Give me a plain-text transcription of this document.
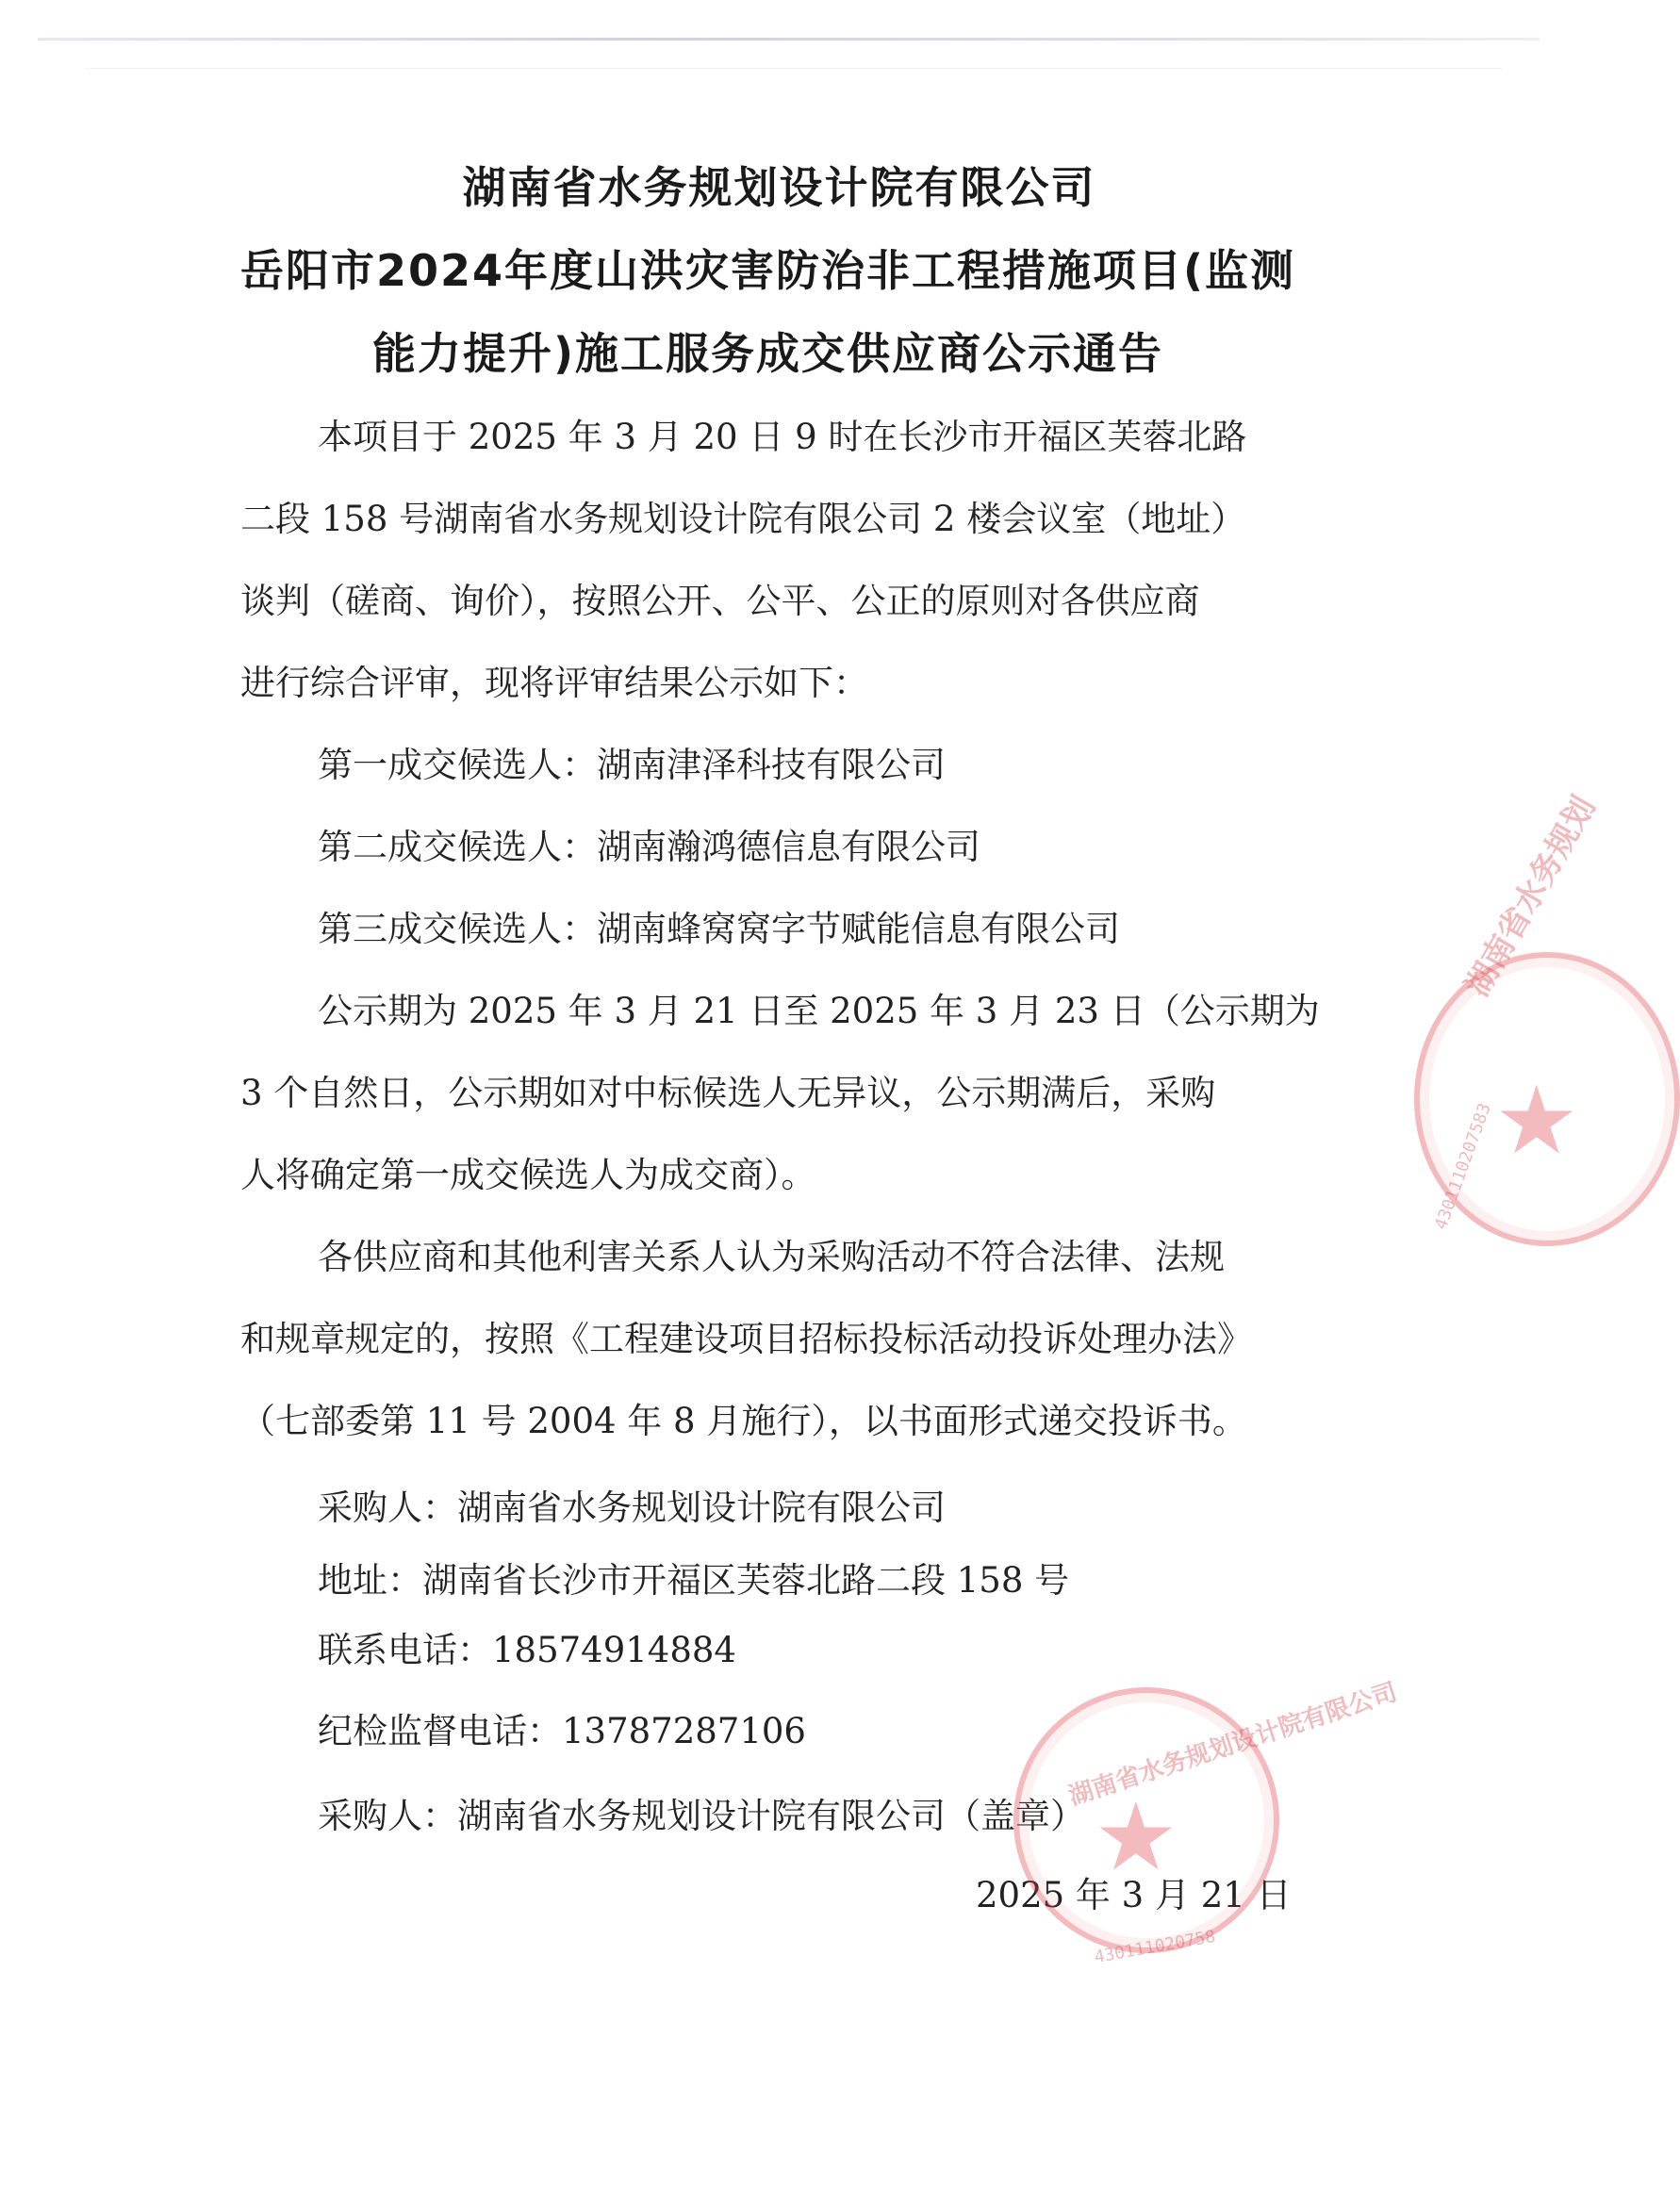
湖南省水务规划设计院有限公司
岳阳市2024年度山洪灾害防治非工程措施项目(监测
能力提升)施工服务成交供应商公示通告
本项目于 2025 年 3 月 20 日 9 时在长沙市开福区芙蓉北路
二段 158 号湖南省水务规划设计院有限公司 2 楼会议室（地址）
谈判（磋商、询价），按照公开、公平、公正的原则对各供应商
进行综合评审，现将评审结果公示如下：
第一成交候选人：湖南津泽科技有限公司
第二成交候选人：湖南瀚鸿德信息有限公司
第三成交候选人：湖南蜂窝窝字节赋能信息有限公司
公示期为 2025 年 3 月 21 日至 2025 年 3 月 23 日（公示期为
3 个自然日，公示期如对中标候选人无异议，公示期满后，采购
人将确定第一成交候选人为成交商）。
各供应商和其他利害关系人认为采购活动不符合法律、法规
和规章规定的，按照《工程建设项目招标投标活动投诉处理办法》
（七部委第 11 号 2004 年 8 月施行），以书面形式递交投诉书。
采购人：湖南省水务规划设计院有限公司
地址：湖南省长沙市开福区芙蓉北路二段 158 号
联系电话：18574914884
纪检监督电话：13787287106
采购人：湖南省水务规划设计院有限公司（盖章）
2025 年 3 月 21 日
★
湖南省水务规划
4301110207583
★
湖南省水务规划设计院有限公司
430111020758
